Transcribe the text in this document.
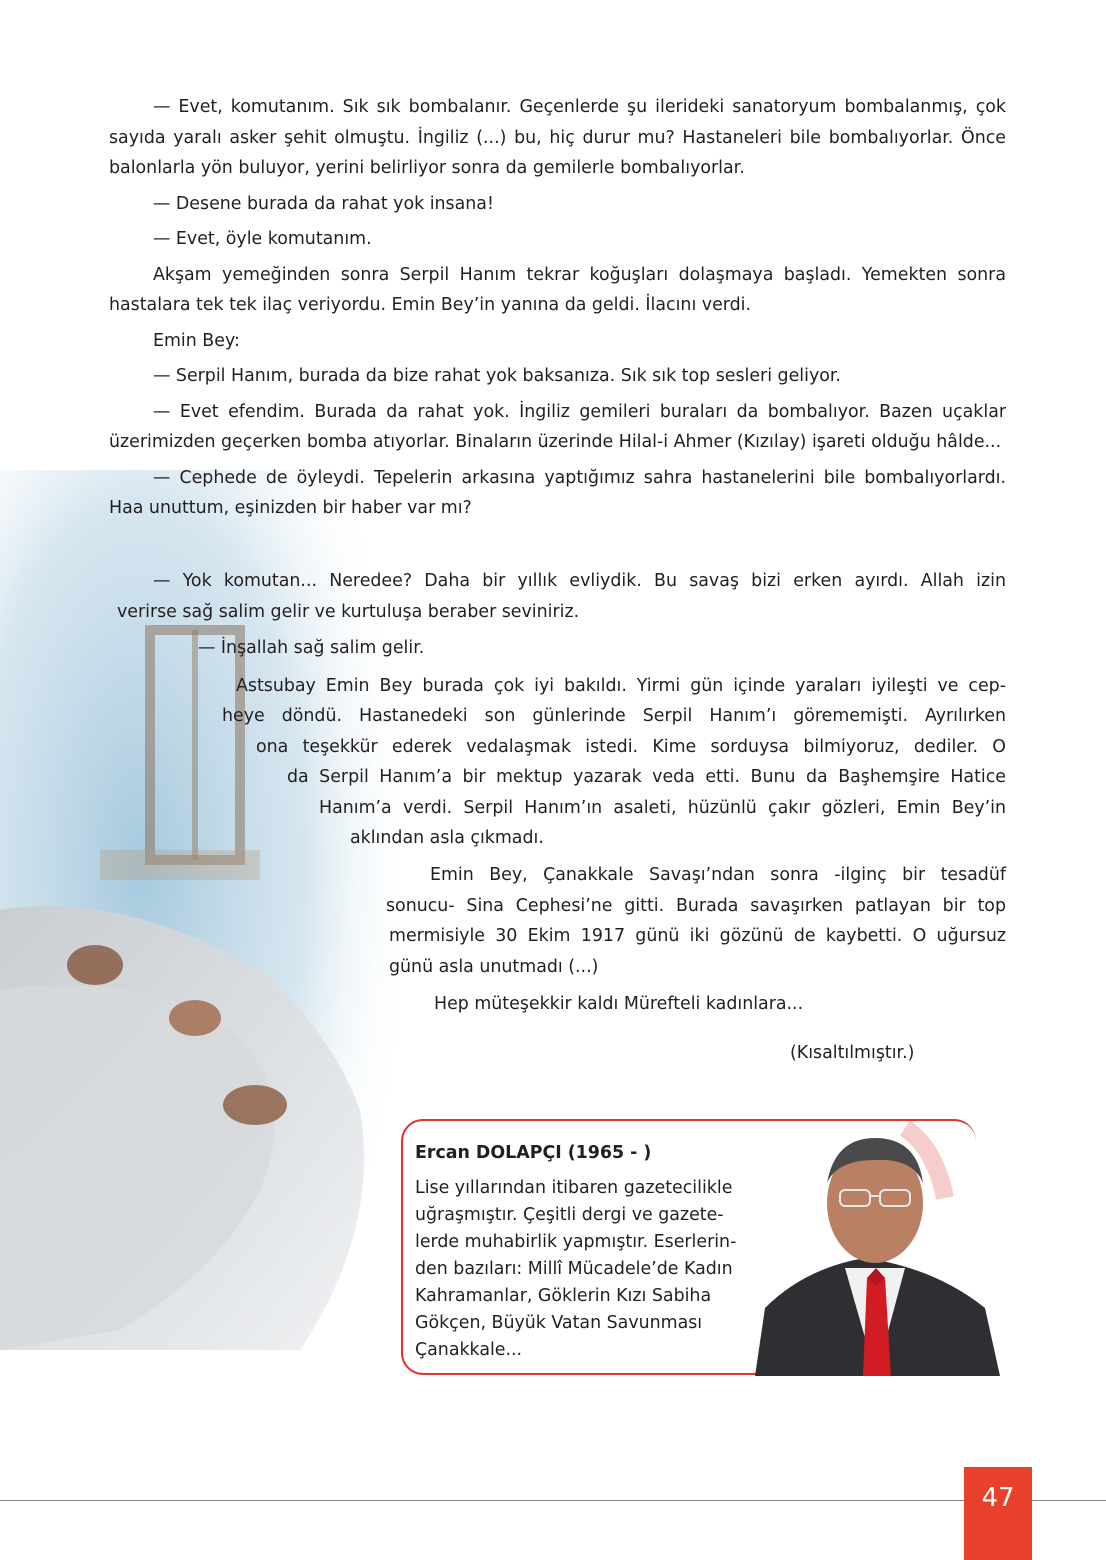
— Evet, komutanım. Sık sık bombalanır. Geçenlerde şu ilerideki sanatoryum bombalanmış, çok sayıda yaralı asker şehit olmuştu. İngiliz (...) bu, hiç durur mu? Hastaneleri bile bombalıyorlar. Önce balonlarla yön buluyor, yerini belirliyor sonra da gemilerle bombalıyorlar.

— Desene burada da rahat yok insana!

— Evet, öyle komutanım.

Akşam yemeğinden sonra Serpil Hanım tekrar koğuşları dolaşmaya başladı. Yemekten sonra hastalara tek tek ilaç veriyordu. Emin Bey’in yanına da geldi. İlacını verdi.

Emin Bey:

— Serpil Hanım, burada da bize rahat yok baksanıza. Sık sık top sesleri geliyor.

— Evet efendim. Burada da rahat yok. İngiliz gemileri buraları da bombalıyor. Bazen uçaklar üzerimizden geçerken bomba atıyorlar. Binaların üzerinde Hilal-i Ahmer (Kızılay) işareti olduğu hâlde...

— Cephede de öyleydi. Tepelerin arkasına yaptığımız sahra hastanelerini bile bombalıyorlardı. Haa unuttum, eşinizden bir haber var mı?

— Yok komutan... Neredee? Daha bir yıllık evliydik. Bu savaş bizi erken ayırdı. Allah izin
verirse sağ salim gelir ve kurtuluşa beraber seviniriz.
— İnşallah sağ salim gelir.
Astsubay Emin Bey burada çok iyi bakıldı. Yirmi gün içinde yaraları iyileşti ve cep-
heye döndü. Hastanedeki son günlerinde Serpil Hanım’ı görememişti. Ayrılırken
ona teşekkür ederek vedalaşmak istedi. Kime sorduysa bilmiyoruz, dediler. O
da Serpil Hanım’a bir mektup yazarak veda etti. Bunu da Başhemşire Hatice
Hanım’a verdi. Serpil Hanım’ın asaleti, hüzünlü çakır gözleri, Emin Bey’in
aklından asla çıkmadı.
Emin Bey, Çanakkale Savaşı’ndan sonra -ilginç bir tesadüf
sonucu- Sina Cephesi’ne gitti. Burada savaşırken patlayan bir top
mermisiyle 30 Ekim 1917 günü iki gözünü de kaybetti. O uğursuz
günü asla unutmadı (...)
Hep müteşekkir kaldı Mürefteli kadınlara...
(Kısaltılmıştır.)
Ercan DOLAPÇI (1965 - )
Lise yıllarından itibaren gazetecilikle
uğraşmıştır. Çeşitli dergi ve gazete-
lerde muhabirlik yapmıştır. Eserlerin-
den bazıları: Millî Mücadele’de Kadın
Kahramanlar, Göklerin Kızı Sabiha
Gökçen, Büyük Vatan Savunması
Çanakkale...
47
